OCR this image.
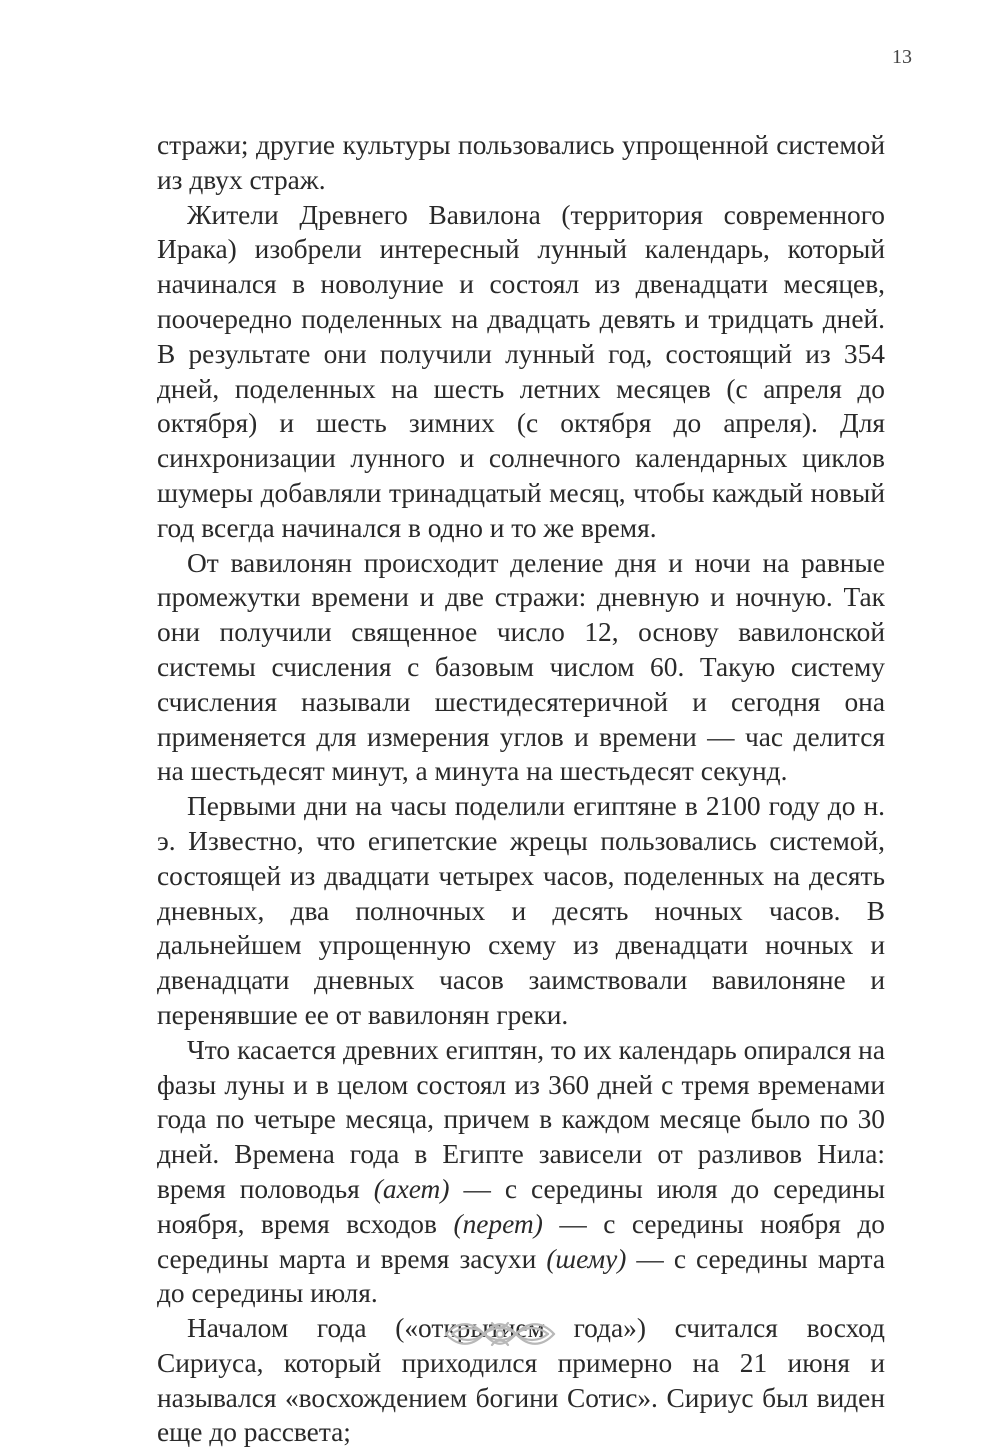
13

стражи; другие культуры пользовались упрощенной системой из двух страж.

Жители Древнего Вавилона (территория современного Ирака) изобрели интересный лунный календарь, который начинался в новолуние и состоял из двенадцати месяцев, поочередно поделенных на двадцать девять и тридцать дней. В результате они получили лунный год, состоящий из 354 дней, поделенных на шесть летних месяцев (с апреля до октября) и шесть зимних (с октября до апреля). Для синхронизации лунного и солнечного календарных циклов шумеры добавляли тринадцатый месяц, чтобы каждый новый год всегда начинался в одно и то же время.

От вавилонян происходит деление дня и ночи на равные промежутки времени и две стражи: дневную и ночную. Так они получили священное число 12, основу вавилонской системы счисления с базовым числом 60. Такую систему счисления называли шестидесятеричной и сегодня она применяется для измерения углов и времени — час делится на шестьдесят минут, а минута на шестьдесят секунд.

Первыми дни на часы поделили египтяне в 2100 году до н. э. Известно, что египетские жрецы пользовались системой, состоящей из двадцати четырех часов, поделенных на десять дневных, два полночных и десять ночных часов. В дальнейшем упрощенную схему из двенадцати ночных и двенадцати дневных часов заимствовали вавилоняне и перенявшие ее от вавилонян греки.

Что касается древних египтян, то их календарь опирался на фазы луны и в целом состоял из 360 дней с тремя временами года по четыре месяца, причем в каждом месяце было по 30 дней. Времена года в Египте зависели от разливов Нила: время половодья (ахет) — с середины июля до середины ноября, время всходов (перет) — с середины ноября до середины марта и время засухи (шему) — с середины марта до середины июля.

Началом года («открытием года») считался восход Сириуса, который приходился примерно на 21 июня и назывался «восхождением богини Сотис». Сириус был виден еще до рассвета;
